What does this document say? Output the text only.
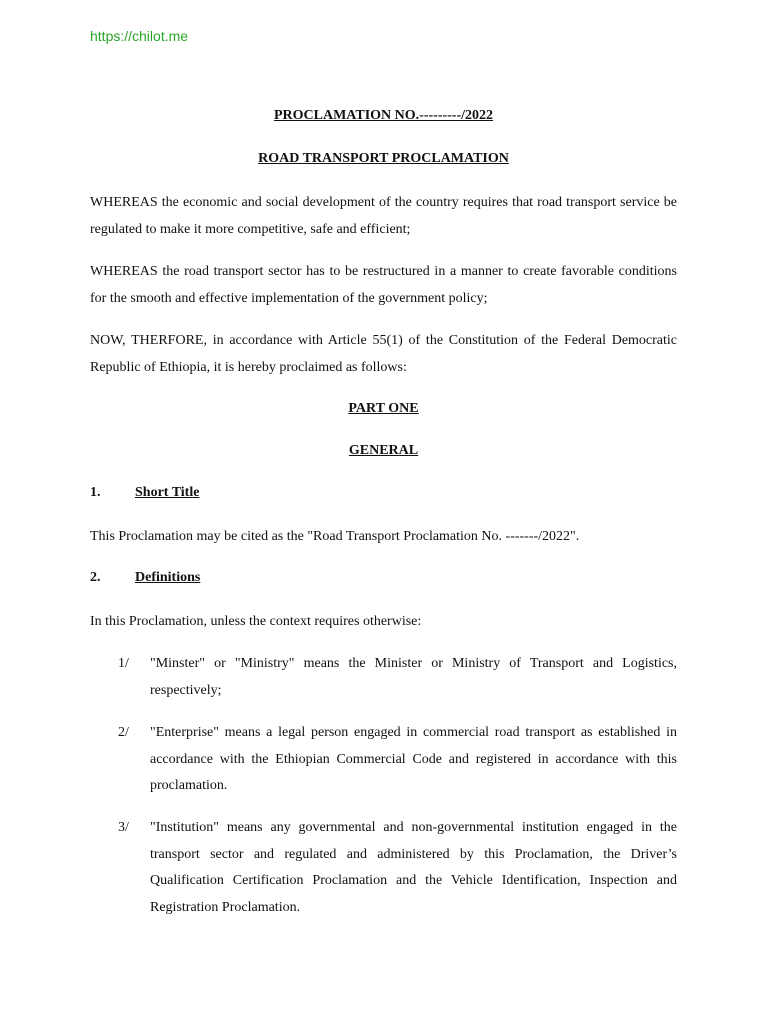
https://chilot.me
PROCLAMATION NO.---------/2022
ROAD TRANSPORT PROCLAMATION
WHEREAS the economic and social development of the country requires that road transport service be regulated to make it more competitive, safe and efficient;
WHEREAS the road transport sector has to be restructured in a manner to create favorable conditions for the smooth and effective implementation of the government policy;
NOW, THERFORE, in accordance with Article 55(1) of the Constitution of the Federal Democratic Republic of Ethiopia, it is hereby proclaimed as follows:
PART ONE
GENERAL
1. Short Title
This Proclamation may be cited as the "Road Transport Proclamation No. -------/2022".
2. Definitions
In this Proclamation, unless the context requires otherwise:
1/ "Minster" or "Ministry" means the Minister or Ministry of Transport and Logistics, respectively;
2/ "Enterprise" means a legal person engaged in commercial road transport as established in accordance with the Ethiopian Commercial Code and registered in accordance with this proclamation.
3/ "Institution" means any governmental and non-governmental institution engaged in the transport sector and regulated and administered by this Proclamation, the Driver’s Qualification Certification Proclamation and the Vehicle Identification, Inspection and Registration Proclamation.
